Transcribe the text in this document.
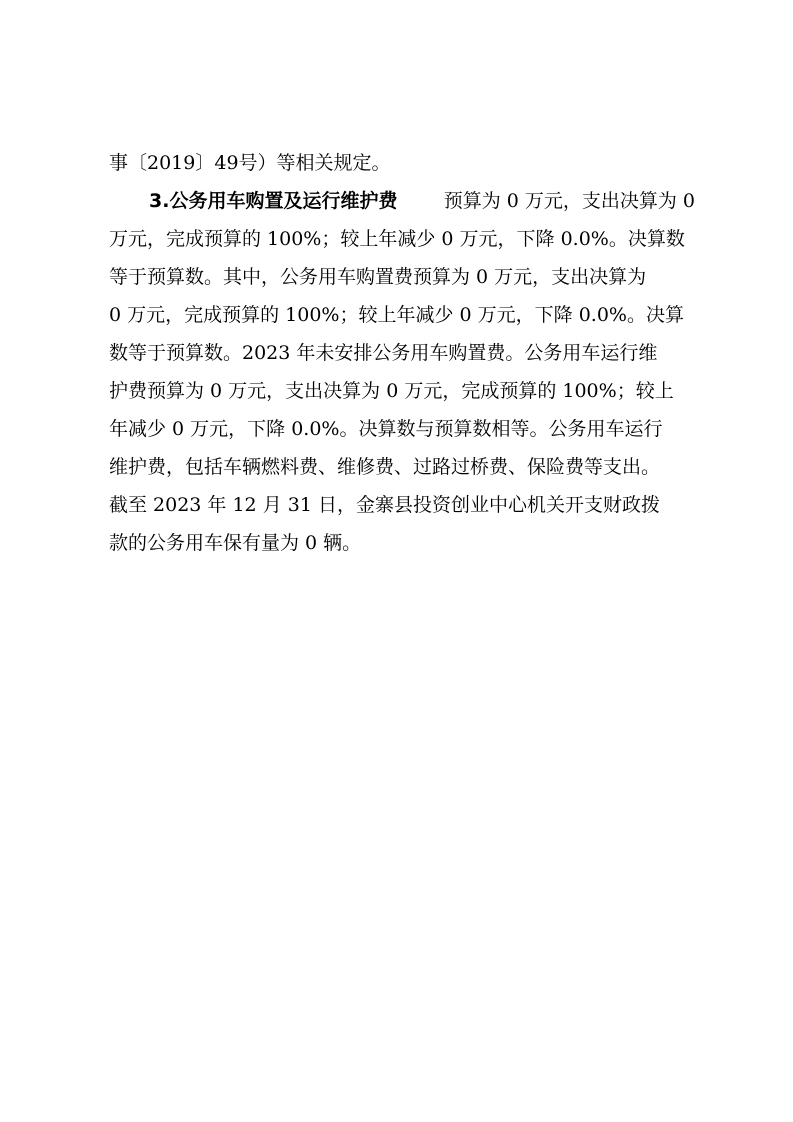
事〔2019〕49号）等相关规定。
3.公务用车购置及运行维护费 预算为 0 万元，支出决算为 0
万元，完成预算的 100%；较上年减少 0 万元，下降 0.0%。决算数
等于预算数。其中，公务用车购置费预算为 0 万元，支出决算为
0 万元，完成预算的 100%；较上年减少 0 万元，下降 0.0%。决算
数等于预算数。2023 年未安排公务用车购置费。公务用车运行维
护费预算为 0 万元，支出决算为 0 万元，完成预算的 100%；较上
年减少 0 万元，下降 0.0%。决算数与预算数相等。公务用车运行
维护费，包括车辆燃料费、维修费、过路过桥费、保险费等支出。
截至 2023 年 12 月 31 日，金寨县投资创业中心机关开支财政拨
款的公务用车保有量为 0 辆。
